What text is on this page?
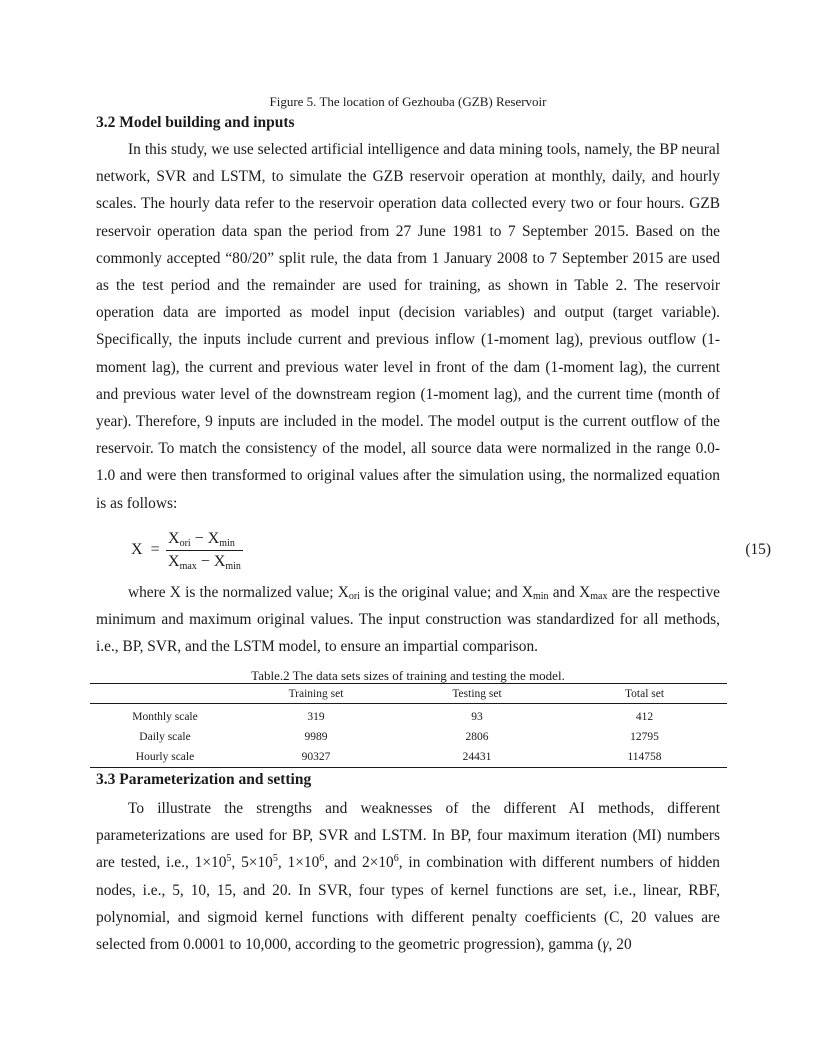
Figure 5. The location of Gezhouba (GZB) Reservoir
3.2 Model building and inputs

In this study, we use selected artificial intelligence and data mining tools, namely, the BP neural network, SVR and LSTM, to simulate the GZB reservoir operation at monthly, daily, and hourly scales. The hourly data refer to the reservoir operation data collected every two or four hours. GZB reservoir operation data span the period from 27 June 1981 to 7 September 2015. Based on the commonly accepted “80/20” split rule, the data from 1 January 2008 to 7 September 2015 are used as the test period and the remainder are used for training, as shown in Table 2. The reservoir operation data are imported as model input (decision variables) and output (target variable). Specifically, the inputs include current and previous inflow (1-moment lag), previous outflow (1-moment lag), the current and previous water level in front of the dam (1-moment lag), the current and previous water level of the downstream region (1-moment lag), and the current time (month of year). Therefore, 9 inputs are included in the model. The model output is the current outflow of the reservoir. To match the consistency of the model, all source data were normalized in the range 0.0-1.0 and were then transformed to original values after the simulation using, the normalized equation is as follows:

X =
$X_{ori} - X_{min}$
$X_{max} - X_{min}$
(15)

where X is the normalized value; $X_{ori}$ is the original value; and $X_{min}$ and $X_{max}$ are the respective minimum and maximum original values. The input construction was standardized for all methods, i.e., BP, SVR, and the LSTM model, to ensure an impartial comparison.

Table.2 The data sets sizes of training and testing the model.
	Training set	Testing set	Total set
Monthly scale	319	93	412
Daily scale	9989	2806	12795
Hourly scale	90327	24431	114758
3.3 Parameterization and setting

To illustrate the strengths and weaknesses of the different AI methods, different parameterizations are used for BP, SVR and LSTM. In BP, four maximum iteration (MI) numbers are tested, i.e., $1\times 10^5$, $5\times 10^5$, $1\times 10^6$, and $2\times 10^6$, in combination with different numbers of hidden nodes, i.e., 5, 10, 15, and 20. In SVR, four types of kernel functions are set, i.e., linear, RBF, polynomial, and sigmoid kernel functions with different penalty coefficients (C, 20 values are selected from 0.0001 to 10,000, according to the geometric progression), gamma (γ, 20
